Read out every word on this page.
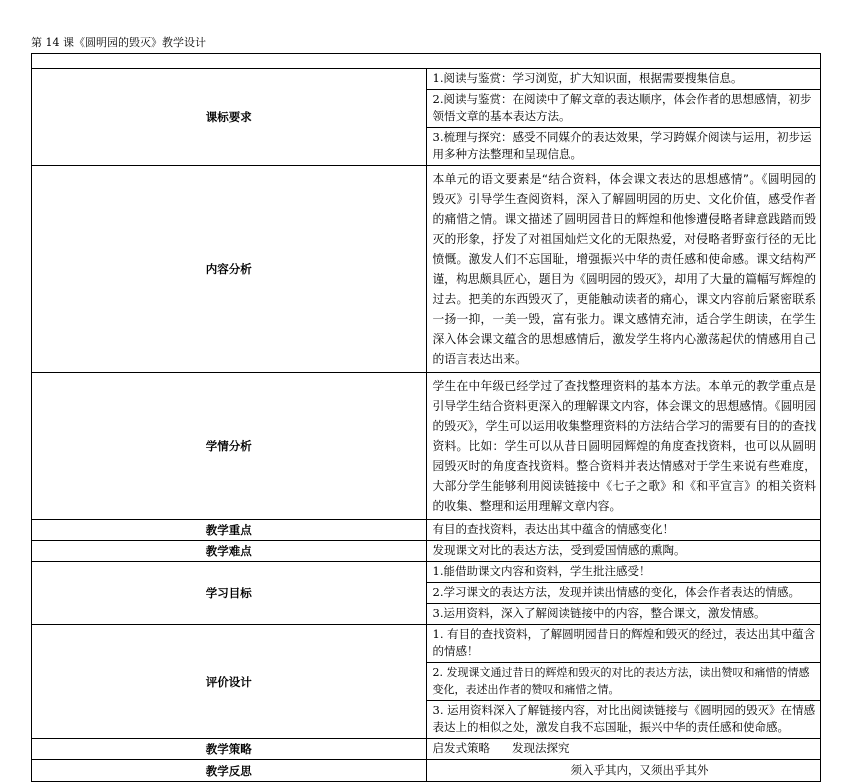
第 14 课《圆明园的毁灭》教学设计

课标要求	1.阅读与鉴赏：学习浏览，扩大知识面，根据需要搜集信息。
2.阅读与鉴赏：在阅读中了解文章的表达顺序，体会作者的思想感情，初步领悟文章的基本表达方法。
3.梳理与探究：感受不同媒介的表达效果，学习跨媒介阅读与运用，初步运用多种方法整理和呈现信息。

内容分析	本单元的语文要素是“结合资料，体会课文表达的思想感情”。《圆明园的毁灭》引导学生查阅资料，深入了解圆明园的历史、文化价值，感受作者的痛惜之情。课文描述了圆明园昔日的辉煌和他惨遭侵略者肆意践踏而毁灭的形象，抒发了对祖国灿烂文化的无限热爱，对侵略者野蛮行径的无比愤慨。激发人们不忘国耻，增强振兴中华的责任感和使命感。课文结构严谨，构思颇具匠心，题目为《圆明园的毁灭》，却用了大量的篇幅写辉煌的过去。把美的东西毁灭了，更能触动读者的痛心，课文内容前后紧密联系一扬一抑，一美一毁，富有张力。课文感情充沛，适合学生朗读，在学生深入体会课文蕴含的思想感情后，激发学生将内心激荡起伏的情感用自己的语言表达出来。

学情分析	学生在中年级已经学过了查找整理资料的基本方法。本单元的教学重点是引导学生结合资料更深入的理解课文内容，体会课文的思想感情。《圆明园的毁灭》，学生可以运用收集整理资料的方法结合学习的需要有目的的查找资料。比如：学生可以从昔日圆明园辉煌的角度查找资料，也可以从圆明园毁灭时的角度查找资料。整合资料并表达情感对于学生来说有些难度，大部分学生能够利用阅读链接中《七子之歌》和《和平宣言》的相关资料的收集、整理和运用理解文章内容。

教学重点	有目的查找资料，表达出其中蕴含的情感变化！

教学难点	发现课文对比的表达方法，受到爱国情感的熏陶。

学习目标	1.能借助课文内容和资料，学生批注感受！
2.学习课文的表达方法，发现并读出情感的变化，体会作者表达的情感。
3.运用资料，深入了解阅读链接中的内容，整合课文，激发情感。

评价设计	1. 有目的查找资料，了解圆明园昔日的辉煌和毁灭的经过，表达出其中蕴含的情感！
2. 发现课文通过昔日的辉煌和毁灭的对比的表达方法，读出赞叹和痛惜的情感变化，表述出作者的赞叹和痛惜之情。
3. 运用资料深入了解链接内容，对比出阅读链接与《圆明园的毁灭》在情感表达上的相似之处，激发自我不忘国耻，振兴中华的责任感和使命感。

教学策略	启发式策略 发现法探究

教学反思	须入乎其内，又须出乎其外
